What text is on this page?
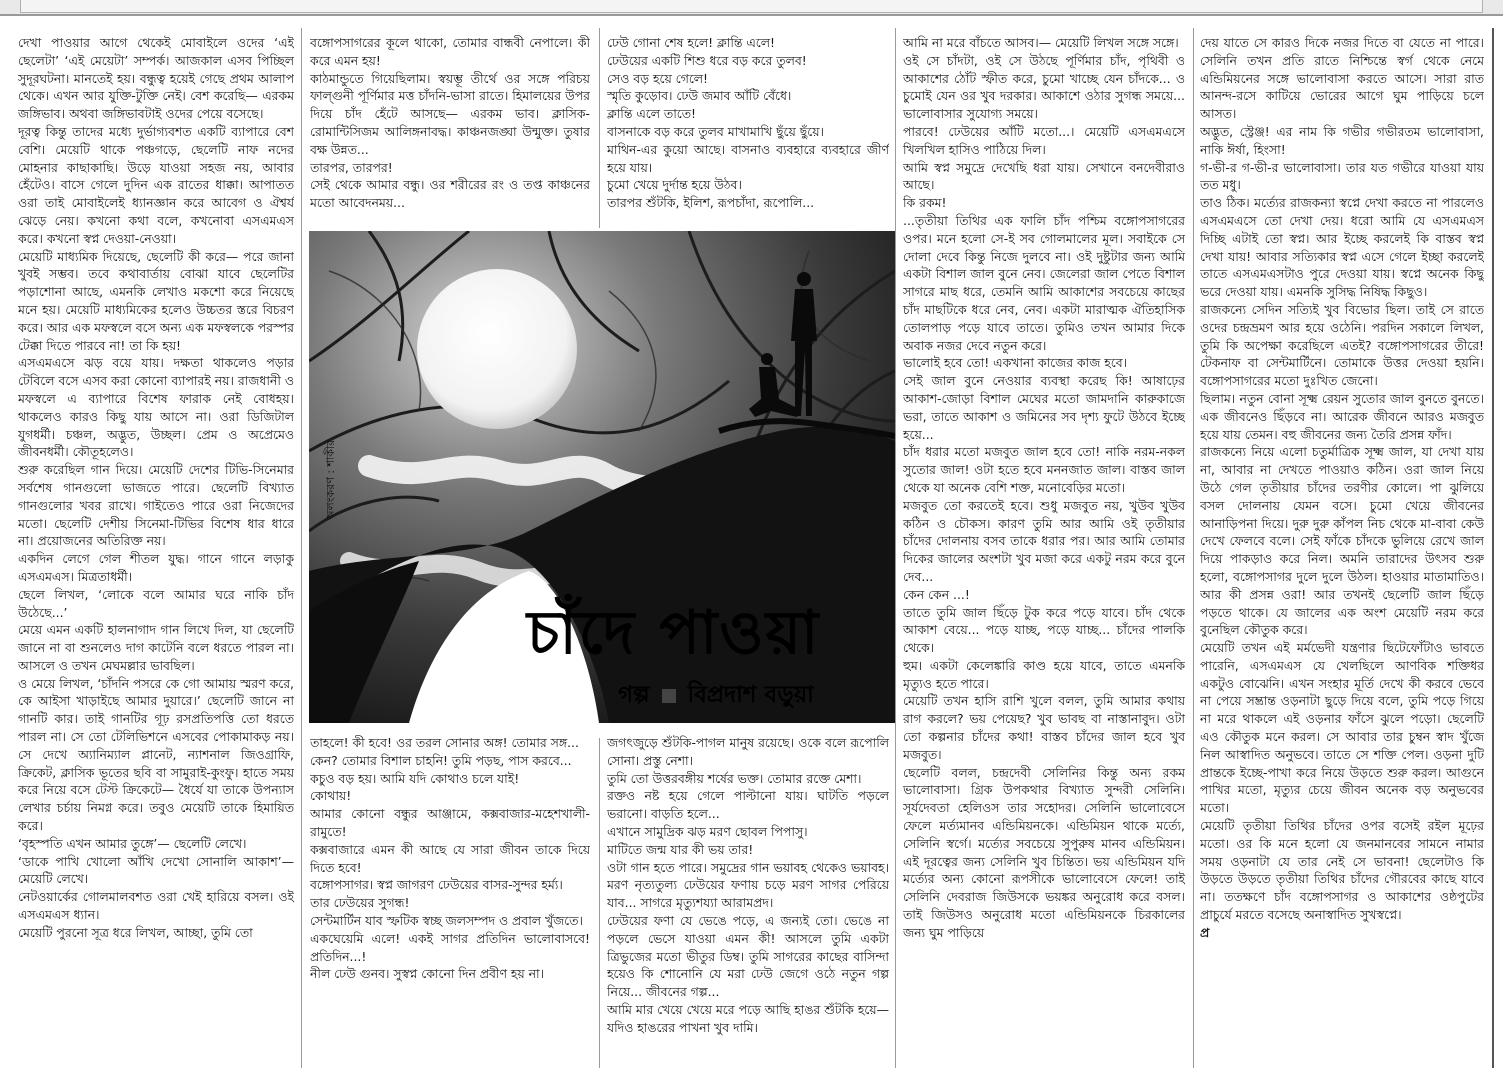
দেখা পাওয়ার আগে থেকেই মোবাইলে ওদের ‘এই ছেলেটা’ ‘এই মেয়েটা’ সম্পর্ক। আজকাল এসব পিচ্ছিল সুদূরঘটনা। মানতেই হয়। বন্ধুত্ব হয়েই গেছে প্রথম আলাপ থেকে। এখন আর যুক্তি-টুক্তি নেই। বেশ করেছি— এরকম জঙ্গিভাব। অথবা জঙ্গিভাবটাই ওদের পেয়ে বসেছে।
দূরত্ব কিন্তু তাদের মধ্যে দুর্ভাগ্যবশত একটি ব্যাপারে বেশ বেশি। মেয়েটি থাকে পঞ্চগড়ে, ছেলেটি নাফ নদের মোহনার কাছাকাছি। উড়ে যাওয়া সহজ নয়, আবার হেঁটেও। বাসে গেলে দুদিন এক রাতের ধাক্কা। আপাতত ওরা তাই মোবাইলেই ধ্যানজ্ঞান করে আবেগ ও ঐশ্বর্য ঝেড়ে নেয়। কখনো কথা বলে, কখনোবা এসএমএস করে। কখনো স্বপ্ন দেওয়া-নেওয়া।
মেয়েটি মাধ্যমিক দিয়েছে, ছেলেটি কী করে— পরে জানা খুবই সম্ভব। তবে কথাবার্তায় বোঝা যাবে ছেলেটির পড়াশোনা আছে, এমনকি লেখাও মকশো করে নিয়েছে মনে হয়। মেয়েটি মাধ্যমিকের হলেও উচ্চতর স্তরে বিচরণ করে। আর এক মফস্বলে বসে অন্য এক মফস্বলকে পরস্পর টেক্কা দিতে পারবে না! তা কি হয়!
এসএমএসে ঝড় বয়ে যায়। দক্ষতা থাকলেও পড়ার টেবিলে বসে এসব করা কোনো ব্যাপারই নয়। রাজধানী ও মফস্বলে এ ব্যাপারে বিশেষ ফারাক নেই বোধহয়। থাকলেও কারও কিছু যায় আসে না। ওরা ডিজিটাল যুগধর্মী। চঞ্চল, অদ্ভুত, উচ্ছল। প্রেম ও অপ্রেমেও জীবনধর্মী। কৌতূহলেও।
শুরু করেছিল গান দিয়ে। মেয়েটি দেশের টিভি-সিনেমার সর্বশেষ গানগুলো ভাজতে পারে। ছেলেটি বিখ্যাত গানগুলোর খবর রাখে। গাইতেও পারে ওরা নিজেদের মতো। ছেলেটি দেশীয় সিনেমা-টিভির বিশেষ ধার ধারে না। প্রয়োজনের অতিরিক্ত নয়।
একদিন লেগে গেল শীতল যুদ্ধ। গানে গানে লড়াকু এসএমএস। মিত্রতাধর্মী।
ছেলে লিখল, ‘লোকে বলে আমার ঘরে নাকি চাঁদ উঠেছে...’
মেয়ে এমন একটি হালনাগাদ গান লিখে দিল, যা ছেলেটি জানে না বা শুনলেও দাগ কাটেনি বলে ধরতে পারল না। আসলে ও তখন মেঘমল্লার ভাবছিল।
ও মেয়ে লিখল, ‘চাঁদনি পসরে কে গো আমায় স্মরণ করে, কে আইসা খাড়াইছে আমার দুয়ারে।’ ছেলেটি জানে না গানটি কার। তাই গানটির গূঢ় রসপ্রতিপত্তি তো ধরতে পারল না। সে তো টেলিভিশনে এসবের পোকামাকড় নয়। সে দেখে অ্যানিম্যাল প্লানেট, ন্যাশনাল জিওগ্রাফি, ক্রিকেট, ক্লাসিক ভূতের ছবি বা সামুরাই-কুংফু। হাতে সময় করে নিয়ে বসে টেস্ট ক্রিকেটে— ধৈর্যে যা তাকে উপন্যাস লেখার চর্চায় নিমগ্ন করে। তবুও মেয়েটি তাকে হিমায়িত করে।
‘বৃহস্পতি এখন আমার তুঙ্গে’— ছেলেটি লেখে।
‘ডাকে পাখি খোলো আঁখি দেখো সোনালি আকাশ’— মেয়েটি লেখে।
নেটওয়ার্কের গোলমালবশত ওরা খেই হারিয়ে বসল। ওই এসএমএস ধ্যান।
মেয়েটি পুরনো সূত্র ধরে লিখল, আচ্ছা, তুমি তো

বঙ্গোপসাগরের কূলে থাকো, তোমার বান্ধবী নেপালে। কী করে এমন হয়!
কাঠমান্ডুতে গিয়েছিলাম। স্বয়ম্ভূ তীর্থে ওর সঙ্গে পরিচয় ফাল্গুনী পূর্ণিমার মত্ত চাঁদনি-ভাসা রাতে। হিমালয়ের উপর দিয়ে চাঁদ হেঁটে আসছে— এরকম ভাব। ক্লাসিক-রোমান্টিসিজম আলিঙ্গনাবদ্ধ। কাঞ্চনজঙ্ঘা উন্মুক্ত। তুষার বক্ষ উন্নত...
তারপর, তারপর!
সেই থেকে আমার বন্ধু। ওর শরীরের রং ও তপ্ত কাঞ্চনের মতো আবেদনময়...

ঢেউ গোনা শেষ হলে! ক্লান্তি এলে!
ঢেউয়ের একটি শিশু ধরে বড় করে তুলব!
সেও বড় হয়ে গেলে!
স্মৃতি কুড়োব। ঢেউ জমাব আঁটি বেঁধে।
ক্লান্তি এলে তাতে!
বাসনাকে বড় করে তুলব মাখামাখি ছুঁয়ে ছুঁয়ে।
মাথিন-এর কুয়ো আছে। বাসনাও ব্যবহারে ব্যবহারে জীর্ণ হয়ে যায়।
চুমো খেয়ে দুর্দান্ত হয়ে উঠব।
তারপর শুঁটকি, ইলিশ, রূপচাঁদা, রূপোলি...

অলংকরণ : শাকীর
চাঁদে পাওয়া
গল্প বিপ্রদাশ বড়ুয়া

তাহলে! কী হবে! ওর তরল সোনার অঙ্গ! তোমার সঙ্গ...
কেন? তোমার বিশাল চাহনি! তুমি পড়ছ, পাস করবে...
কচুও বড় হয়। আমি যদি কোথাও চলে যাই!
কোথায়!
আমার কোনো বন্ধুর আঞ্জামে, কক্সবাজার-মহেশখালী-রামুতে!
কক্সবাজারে এমন কী আছে যে সারা জীবন তাকে দিয়ে দিতে হবে!
বঙ্গোপসাগর। স্বপ্ন জাগরণ ঢেউয়ের বাসর-সুন্দর হর্ম্য।
তার ঢেউয়ের সুগন্ধ!
সেন্টমার্টিন যাব স্ফটিক স্বচ্ছ জলসম্পদ ও প্রবাল খুঁজতে।
একঘেয়েমি এলে! একই সাগর প্রতিদিন ভালোবাসবে! প্রতিদিন...!
নীল ঢেউ গুনব। সুস্বপ্ন কোনো দিন প্রবীণ হয় না।

জগৎজুড়ে শুঁটকি-পাগল মানুষ রয়েছে। ওকে বলে রূপোলি সোনা। প্রস্তু নেশা।
তুমি তো উত্তরবঙ্গীয় শর্ষের ভক্ত। তোমার রক্তে মেশা।
রক্তও নষ্ট হয়ে গেলে পাল্টানো যায়। ঘাটতি পড়লে ভরানো। বাড়তি হলে...
এখানে সামুদ্রিক ঝড় মরণ ছোবল পিপাসু।
মাটিতে জন্ম যার কী ভয় তার!
ওটা গান হতে পারে। সমুদ্রের গান ভয়াবহ থেকেও ভয়াবহ। মরণ নৃত্যতুল্য ঢেউয়ের ফণায় চড়ে মরণ সাগর পেরিয়ে যাব... সাগরে মৃত্যুশয্যা আরামপ্রদ।
ঢেউয়ের ফণা যে ভেঙে পড়ে, এ জন্যই তো। ভেঙে না পড়লে ভেসে যাওয়া এমন কী! আসলে তুমি একটা ত্রিভুজের মতো ভীতুর ডিম্ব। তুমি সাগরের কাছের বাসিন্দা হয়েও কি শোনোনি যে মরা ঢেউ জেগে ওঠে নতুন গল্প নিয়ে... জীবনের গল্প...
আমি মার খেয়ে খেয়ে মরে পড়ে আছি হাঙর শুঁটকি হয়ে— যদিও হাঙরের পাখনা খুব দামি।

আমি না মরে বাঁচতে আসব।— মেয়েটি লিখল সঙ্গে সঙ্গে।
ওই সে চাঁদটা, ওই সে উঠছে পূর্ণিমার চাঁদ, পৃথিবী ও আকাশের ঠোঁট স্ফীত করে, চুমো খাচ্ছে যেন চাঁদকে... ও চুমোই যেন ওর খুব দরকার। আকাশে ওঠার সুগন্ধ সময়ে... ভালোবাসার সুযোগ্য সময়ে।
পারবে! ঢেউয়ের আঁটি মতো...। মেয়েটি এসএমএসে খিলখিল হাসিও পাঠিয়ে দিল।
আমি স্বপ্ন সমুদ্রে দেখেছি ধরা যায়। সেখানে বনদেবীরাও আছে।
কি রকম!
...তৃতীয়া তিথির এক ফালি চাঁদ পশ্চিম বঙ্গোপসাগরের ওপর। মনে হলো সে-ই সব গোলমালের মূল। সবাইকে সে দোলা দেবে কিন্তু নিজে দুলবে না। ওই দুষ্টুটার জন্য আমি একটা বিশাল জাল বুনে নেব। জেলেরা জাল পেতে বিশাল সাগরে মাছ ধরে, তেমনি আমি আকাশের সবচেয়ে কাছের চাঁদ মাছটিকে ধরে নেব, নেব। একটা মারাত্মক ঐতিহাসিক তোলপাড় পড়ে যাবে তাতে। তুমিও তখন আমার দিকে অবাক নজর দেবে নতুন করে।
ভালোই হবে তো! একখানা কাজের কাজ হবে।
সেই জাল বুনে নেওয়ার ব্যবস্থা করেছ কি! আষাঢ়ের আকাশ-জোড়া বিশাল মেঘের মতো জামদানি কারুকাজে ভরা, তাতে আকাশ ও জমিনের সব দৃশ্য ফুটে উঠবে ইচ্ছে হয়ে...
চাঁদ ধরার মতো মজবুত জাল হবে তো! নাকি নরম-নকল সুতোর জাল! ওটা হতে হবে মননজাত জাল। বাস্তব জাল থেকে যা অনেক বেশি শক্ত, মনোবেড়ির মতো।
মজবুত তো করতেই হবে। শুধু মজবুত নয়, খুউব খুউব কঠিন ও চৌকস। কারণ তুমি আর আমি ওই তৃতীয়ার চাঁদের দোলনায় বসব তাকে ধরার পর। আর আমি তোমার দিকের জালের অংশটা খুব মজা করে একটু নরম করে বুনে দেব...
কেন কেন ...!
তাতে তুমি জাল ছিঁড়ে টুক করে পড়ে যাবে। চাঁদ থেকে আকাশ বেয়ে... পড়ে যাচ্ছ, পড়ে যাচ্ছ... চাঁদের পালকি থেকে।
হুম। একটা কেলেঙ্কারি কাণ্ড হয়ে যাবে, তাতে এমনকি মৃত্যুও হতে পারে।
মেয়েটি তখন হাসি রাশি খুলে বলল, তুমি আমার কথায় রাগ করলে? ভয় পেয়েছ? খুব ভাবছ বা নাস্তানাবুদ। ওটা তো কল্পনার চাঁদের কথা! বাস্তব চাঁদের জাল হবে খুব মজবুত।
ছেলেটি বলল, চন্দ্রদেবী সেলিনির কিন্তু অন্য রকম ভালোবাসা। গ্রিক উপকথার বিখ্যাত সুন্দরী সেলিনি। সূর্যদেবতা হেলিওস তার সহোদর। সেলিনি ভালোবেসে ফেলে মর্ত্যমানব এন্ডিমিয়নকে। এন্ডিমিয়ন থাকে মর্ত্যে, সেলিনি স্বর্গে। মর্ত্যের সবচেয়ে সুপুরুষ মানব এন্ডিমিয়ন। এই দূরত্বের জন্য সেলিনি খুব চিন্তিত। ভয় এন্ডিমিয়ন যদি মর্ত্যের অন্য কোনো রূপসীকে ভালোবেসে ফেলে! তাই সেলিনি দেবরাজ জিউসকে ভয়ঙ্কর অনুরোধ করে বসল। তাই জিউসও অনুরোধ মতো এন্ডিমিয়নকে চিরকালের জন্য ঘুম পাড়িয়ে

দেয় যাতে সে কারও দিকে নজর দিতে বা যেতে না পারে। সেলিনি তখন প্রতি রাতে নিশ্চিন্তে স্বর্গ থেকে নেমে এন্ডিমিয়নের সঙ্গে ভালোবাসা করতে আসে। সারা রাত আনন্দ-রসে কাটিয়ে ভোরের আগে ঘুম পাড়িয়ে চলে আসত।
অদ্ভুত, স্ট্রেঞ্জ! এর নাম কি গভীর গভীরতম ভালোবাসা, নাকি ঈর্ষা, হিংসা!
গ-ভী-র গ-ভী-র ভালোবাসা। তার যত গভীরে যাওয়া যায় তত মধু।
তাও ঠিক। মর্ত্যের রাজকন্যা স্বপ্নে দেখা করতে না পারলেও এসএমএসে তো দেখা দেয়। ধরো আমি যে এসএমএস দিচ্ছি এটাই তো স্বপ্ন। আর ইচ্ছে করলেই কি বাস্তব স্বপ্ন দেখা যায়! আবার সত্যিকার স্বপ্ন এসে গেলে ইচ্ছা করলেই তাতে এসএমএসটাও পুরে দেওয়া যায়। স্বপ্নে অনেক কিছু ভরে দেওয়া যায়। এমনকি সুসিদ্ধ নিষিদ্ধ কিছুও।
রাজকন্যে সেদিন সত্যিই খুব বিভোর ছিল। তাই সে রাতে ওদের চন্দ্রভ্রমণ আর হয়ে ওঠেনি। পরদিন সকালে লিখল, তুমি কি অপেক্ষা করেছিলে এতই? বঙ্গোপসাগরের তীরে! টেকনাফ বা সেন্টমার্টিনে। তোমাকে উত্তর দেওয়া হয়নি। বঙ্গোপসাগরের মতো দুঃখিত জেনো।
ছিলাম। নতুন বোনা সূক্ষ্ম রেয়ন সুতোর জাল বুনতে বুনতে। এক জীবনেও ছিঁড়বে না। আরেক জীবনে আরও মজবুত হয়ে যায় তেমন। বহু জীবনের জন্য তৈরি প্রসন্ন ফাঁদ।
রাজকন্যে নিয়ে এলো চতুর্মাত্রিক সূক্ষ্ম জাল, যা দেখা যায় না, আবার না দেখতে পাওয়াও কঠিন। ওরা জাল নিয়ে উঠে গেল তৃতীয়ার চাঁদের তরণীর কোলে। পা ঝুলিয়ে বসল দোলনায় যেমন বসে। চুমো খেয়ে জীবনের আনাড়িপনা দিয়ে। দুরু দুরু কাঁপল নিচ থেকে মা-বাবা কেউ দেখে ফেলবে বলে। সেই ফাঁকে চাঁদকে ভুলিয়ে রেখে জাল দিয়ে পাকড়াও করে নিল। অমনি তারাদের উৎসব শুরু হলো, বঙ্গোপসাগর দুলে দুলে উঠল। হাওয়ার মাতামাতিও। আর কী প্রসন্ন ওরা! আর তখনই ছেলেটি জাল ছিঁড়ে পড়তে থাকে। যে জালের এক অংশ মেয়েটি নরম করে বুনেছিল কৌতুক করে।
মেয়েটি তখন এই মর্মভেদী যন্ত্রণার ছিটেফোঁটাও ভাবতে পারেনি, এসএমএস যে খেলছিলে আণবিক শক্তিধর একটুও বোঝেনি। এখন সংহার মূর্তি দেখে কী করবে ভেবে না পেয়ে সম্ভ্রান্ত ওড়নাটা ছুড়ে দিয়ে বলে, তুমি পড়ে গিয়ে না মরে থাকলে এই ওড়নার ফাঁসে ঝুলে পড়ো। ছেলেটি এও কৌতুক মনে করল। সে আবার তার চুম্বন স্বাদ খুঁজে নিল আস্বাদিত অনুভবে। তাতে সে শক্তি পেল। ওড়না দুটি প্রান্তকে ইচ্ছে-পাখা করে নিয়ে উড়তে শুরু করল। আগুনে পাখির মতো, মৃত্যুর চেয়ে জীবন অনেক বড় অনুভবের মতো।
মেয়েটি তৃতীয়া তিথির চাঁদের ওপর বসেই রইল মূঢ়ের মতো। ওর কি মনে হলো যে জনমানবের সামনে নামার সময় ওড়নাটা যে তার নেই সে ভাবনা! ছেলেটাও কি উড়তে উড়তে তৃতীয়া তিথির চাঁদের গৌরবের কাছে যাবে না। ততক্ষণে চাঁদ বঙ্গোপসাগর ও আকাশের ওষ্ঠপুটের প্রাচুর্যে মরতে বসেছে অনাস্বাদিত সুখস্বপ্নে।

প্র
